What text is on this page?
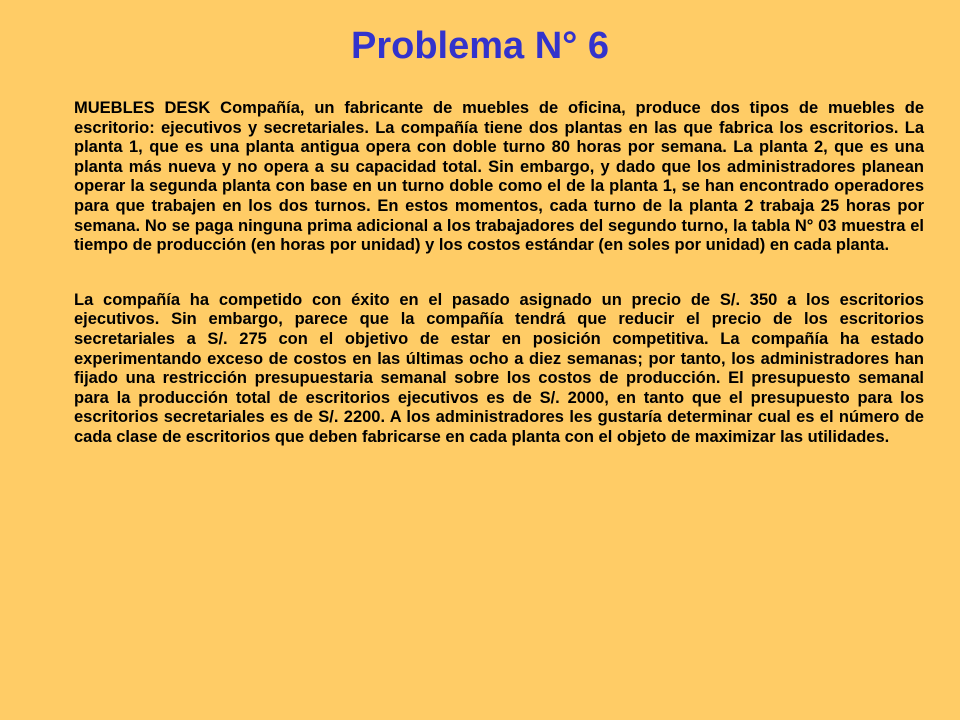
Problema N° 6

MUEBLES DESK Compañía, un fabricante de muebles de oficina, produce dos tipos de muebles de escritorio: ejecutivos y secretariales. La compañía tiene dos plantas en las que fabrica los escritorios. La planta 1, que es una planta antigua opera con doble turno 80 horas por semana. La planta 2, que es una planta más nueva y no opera a su capacidad total. Sin embargo, y dado que los administradores planean operar la segunda planta con base en un turno doble como el de la planta 1, se han encontrado operadores para que trabajen en los dos turnos. En estos momentos, cada turno de la planta 2 trabaja 25 horas por semana. No se paga ninguna prima adicional a los trabajadores del segundo turno, la tabla N° 03 muestra el tiempo de producción (en horas por unidad) y los costos estándar (en soles por unidad) en cada planta.

La compañía ha competido con éxito en el pasado asignado un precio de S/. 350 a los escritorios ejecutivos. Sin embargo, parece que la compañía tendrá que reducir el precio de los escritorios secretariales a S/. 275 con el objetivo de estar en posición competitiva. La compañía ha estado experimentando exceso de costos en las últimas ocho a diez semanas; por tanto, los administradores han fijado una restricción presupuestaria semanal sobre los costos de producción. El presupuesto semanal para la producción total de escritorios ejecutivos es de S/. 2000, en tanto que el presupuesto para los escritorios secretariales es de S/. 2200. A los administradores les gustaría determinar cual es el número de cada clase de escritorios que deben fabricarse en cada planta con el objeto de maximizar las utilidades.
